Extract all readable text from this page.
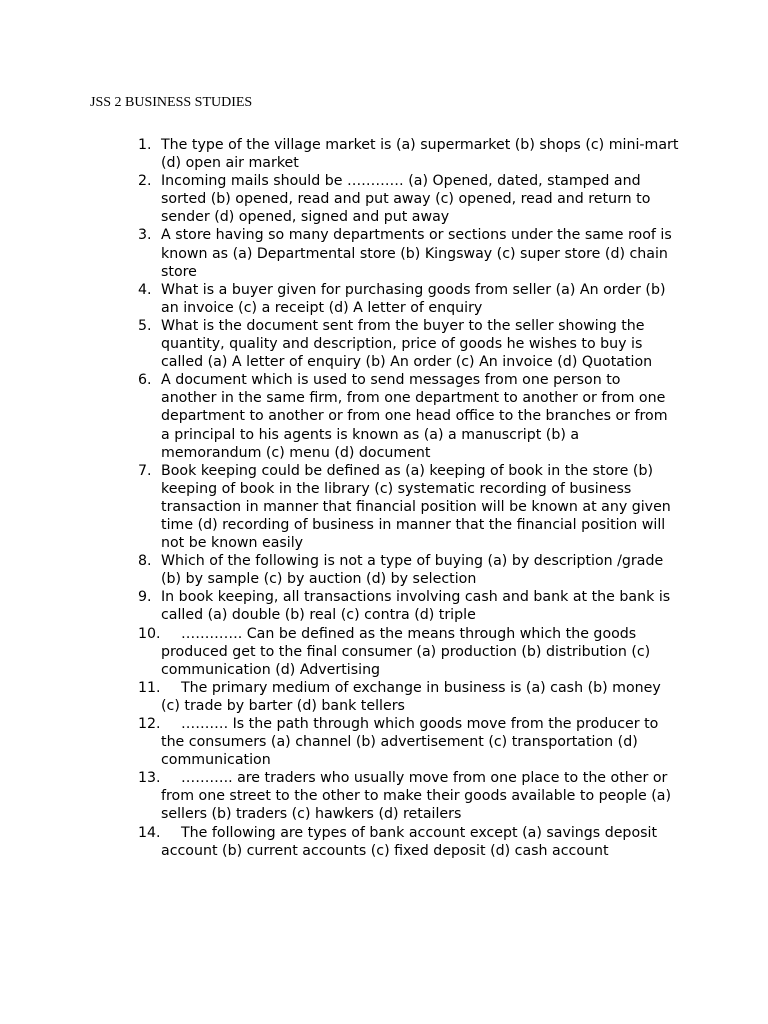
JSS 2 BUSINESS STUDIES
1. The type of the village market is (a) supermarket (b) shops (c) mini-mart (d) open air market
2. Incoming mails should be ………… (a) Opened, dated, stamped and sorted (b) opened, read and put away (c) opened, read and return to sender (d) opened, signed and put away
3. A store having so many departments or sections under the same roof is known as (a) Departmental store (b) Kingsway (c) super store (d) chain store
4. What is a buyer given for purchasing goods from seller (a) An order (b) an invoice (c) a receipt (d) A letter of enquiry
5. What is the document sent from the buyer to the seller showing the quantity, quality and description, price of goods he wishes to buy is called (a) A letter of enquiry (b) An order (c) An invoice (d) Quotation
6. A document which is used to send messages from one person to another in the same firm, from one department to another or from one department to another or from one head office to the branches or from a principal to his agents is known as (a) a manuscript (b) a memorandum (c) menu (d) document
7. Book keeping could be defined as (a) keeping of book in the store (b) keeping of book in the library (c) systematic recording of business transaction in manner that financial position will be known at any given time (d) recording of business in manner that the financial position will not be known easily
8. Which of the following is not a type of buying (a) by description /grade (b) by sample (c) by auction (d) by selection
9. In book keeping, all transactions involving cash and bank at the bank is called (a) double (b) real (c) contra (d) triple
10.	…………. Can be defined as the means through which the goods produced get to the final consumer (a) production (b) distribution (c) communication (d) Advertising
11.	The primary medium of exchange in business is (a) cash (b) money (c) trade by barter (d) bank tellers
12.	………. Is the path through which goods move from the producer to the consumers (a) channel (b) advertisement (c) transportation (d) communication
13.	……….. are traders who usually move from one place to the other or from one street to the other to make their goods available to people (a) sellers (b) traders (c) hawkers (d) retailers
14.	The following are types of bank account except (a) savings deposit account (b) current accounts (c) fixed deposit (d) cash account
